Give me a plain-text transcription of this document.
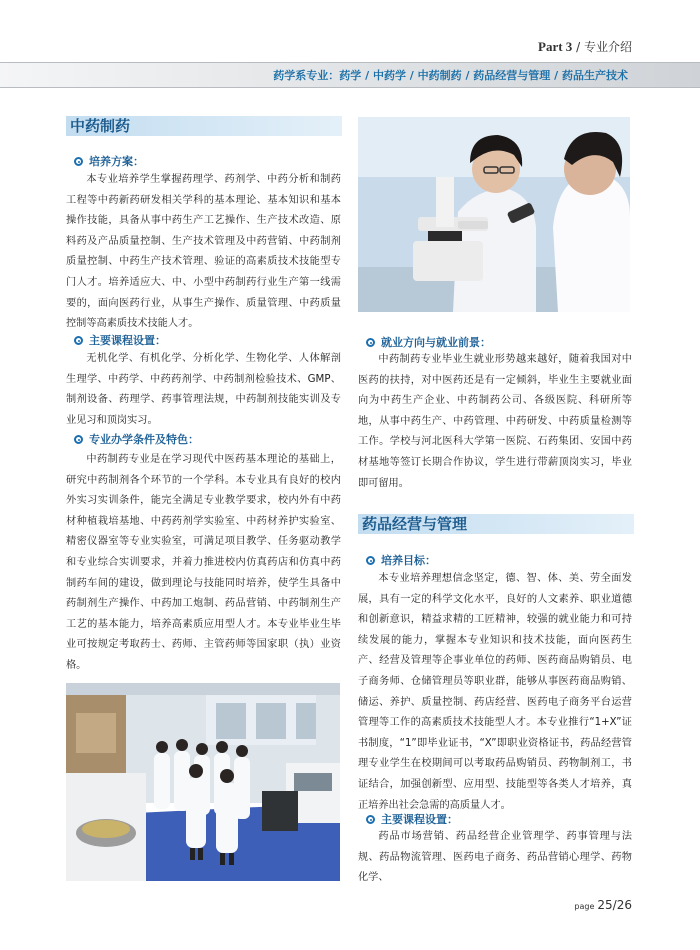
Part 3 / 专业介绍
药学系专业：药学 / 中药学 / 中药制药 / 药品经营与管理 / 药品生产技术
中药制药
培养方案：

本专业培养学生掌握药理学、药剂学、中药分析和制药工程等中药新药研发相关学科的基本理论、基本知识和基本操作技能，具备从事中药生产工艺操作、生产技术改造、原料药及产品质量控制、生产技术管理及中药营销、中药制剂质量控制、中药生产技术管理、验证的高素质技术技能型专门人才。培养适应大、中、小型中药制药行业生产第一线需要的，面向医药行业，从事生产操作、质量管理、中药质量控制等高素质技术技能人才。

主要课程设置：

无机化学、有机化学、分析化学、生物化学、人体解剖生理学、中药学、中药药剂学、中药制剂检验技术、GMP、制剂设备、药理学、药事管理法规，中药制剂技能实训及专业见习和顶岗实习。

专业办学条件及特色：

中药制药专业是在学习现代中医药基本理论的基础上，研究中药制剂各个环节的一个学科。本专业具有良好的校内外实习实训条件，能完全满足专业教学要求，校内外有中药材种植栽培基地、中药药剂学实验室、中药材养护实验室、精密仪器室等专业实验室，可满足项目教学、任务驱动教学和专业综合实训要求，并着力推进校内仿真药店和仿真中药制药车间的建设，做到理论与技能同时培养，使学生具备中药制剂生产操作、中药加工炮制、药品营销、中药制剂生产工艺的基本能力，培养高素质应用型人才。本专业毕业生毕业可按规定考取药士、药师、主管药师等国家职（执）业资格。

就业方向与就业前景：

中药制药专业毕业生就业形势越来越好，随着我国对中医药的扶持，对中医药还是有一定倾斜，毕业生主要就业面向为中药生产企业、中药制药公司、各级医院、科研所等地，从事中药生产、中药管理、中药研发、中药质量检测等工作。学校与河北医科大学第一医院、石药集团、安国中药材基地等签订长期合作协议，学生进行带薪顶岗实习，毕业即可留用。

药品经营与管理
培养目标：

本专业培养理想信念坚定，德、智、体、美、劳全面发展，具有一定的科学文化水平，良好的人文素养、职业道德和创新意识，精益求精的工匠精神，较强的就业能力和可持续发展的能力，掌握本专业知识和技术技能，面向医药生产、经营及管理等企事业单位的药师、医药商品购销员、电子商务师、仓储管理员等职业群，能够从事医药商品购销、储运、养护、质量控制、药店经营、医药电子商务平台运营管理等工作的高素质技术技能型人才。本专业推行“1+X”证书制度，“1”即毕业证书，“X”即职业资格证书，药品经营管理专业学生在校期间可以考取药品购销员、药物制剂工，书证结合，加强创新型、应用型、技能型等各类人才培养，真正培养出社会急需的高质量人才。

主要课程设置：

药品市场营销、药品经营企业管理学、药事管理与法规、药品物流管理、医药电子商务、药品营销心理学、药物化学、

page 25/26
